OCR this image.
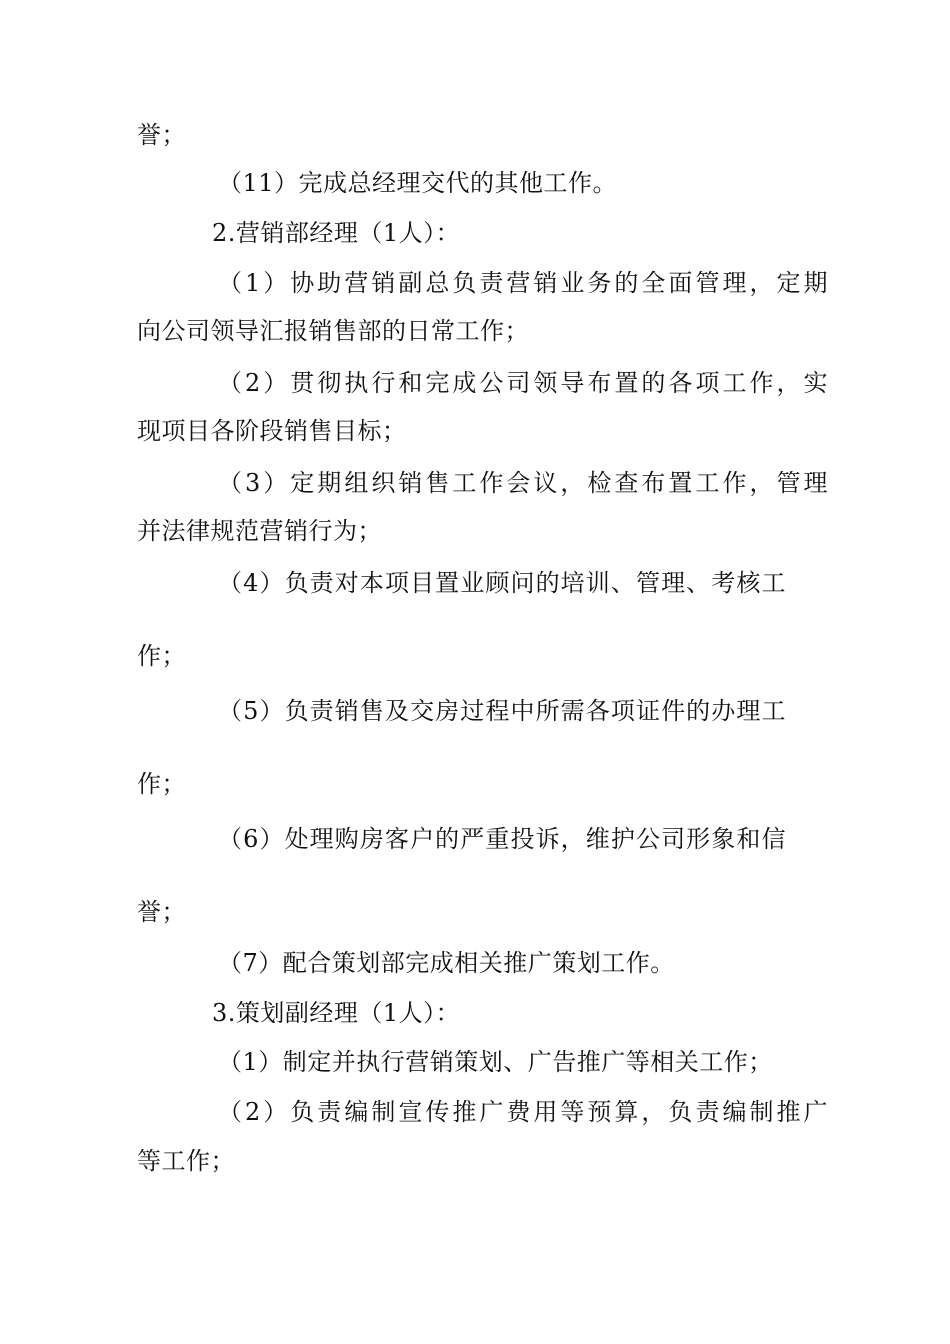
誉；
（11）完成总经理交代的其他工作。
2.营销部经理（1人）：
（1）协助营销副总负责营销业务的全面管理，定期
向公司领导汇报销售部的日常工作；
（2）贯彻执行和完成公司领导布置的各项工作，实
现项目各阶段销售目标；
（3）定期组织销售工作会议，检查布置工作，管理
并法律规范营销行为；
（4）负责对本项目置业顾问的培训、管理、考核工
作；
（5）负责销售及交房过程中所需各项证件的办理工
作；
（6）处理购房客户的严重投诉，维护公司形象和信
誉；
（7）配合策划部完成相关推广策划工作。
3.策划副经理（1人）：
（1）制定并执行营销策划、广告推广等相关工作；
（2）负责编制宣传推广费用等预算，负责编制推广
等工作；
